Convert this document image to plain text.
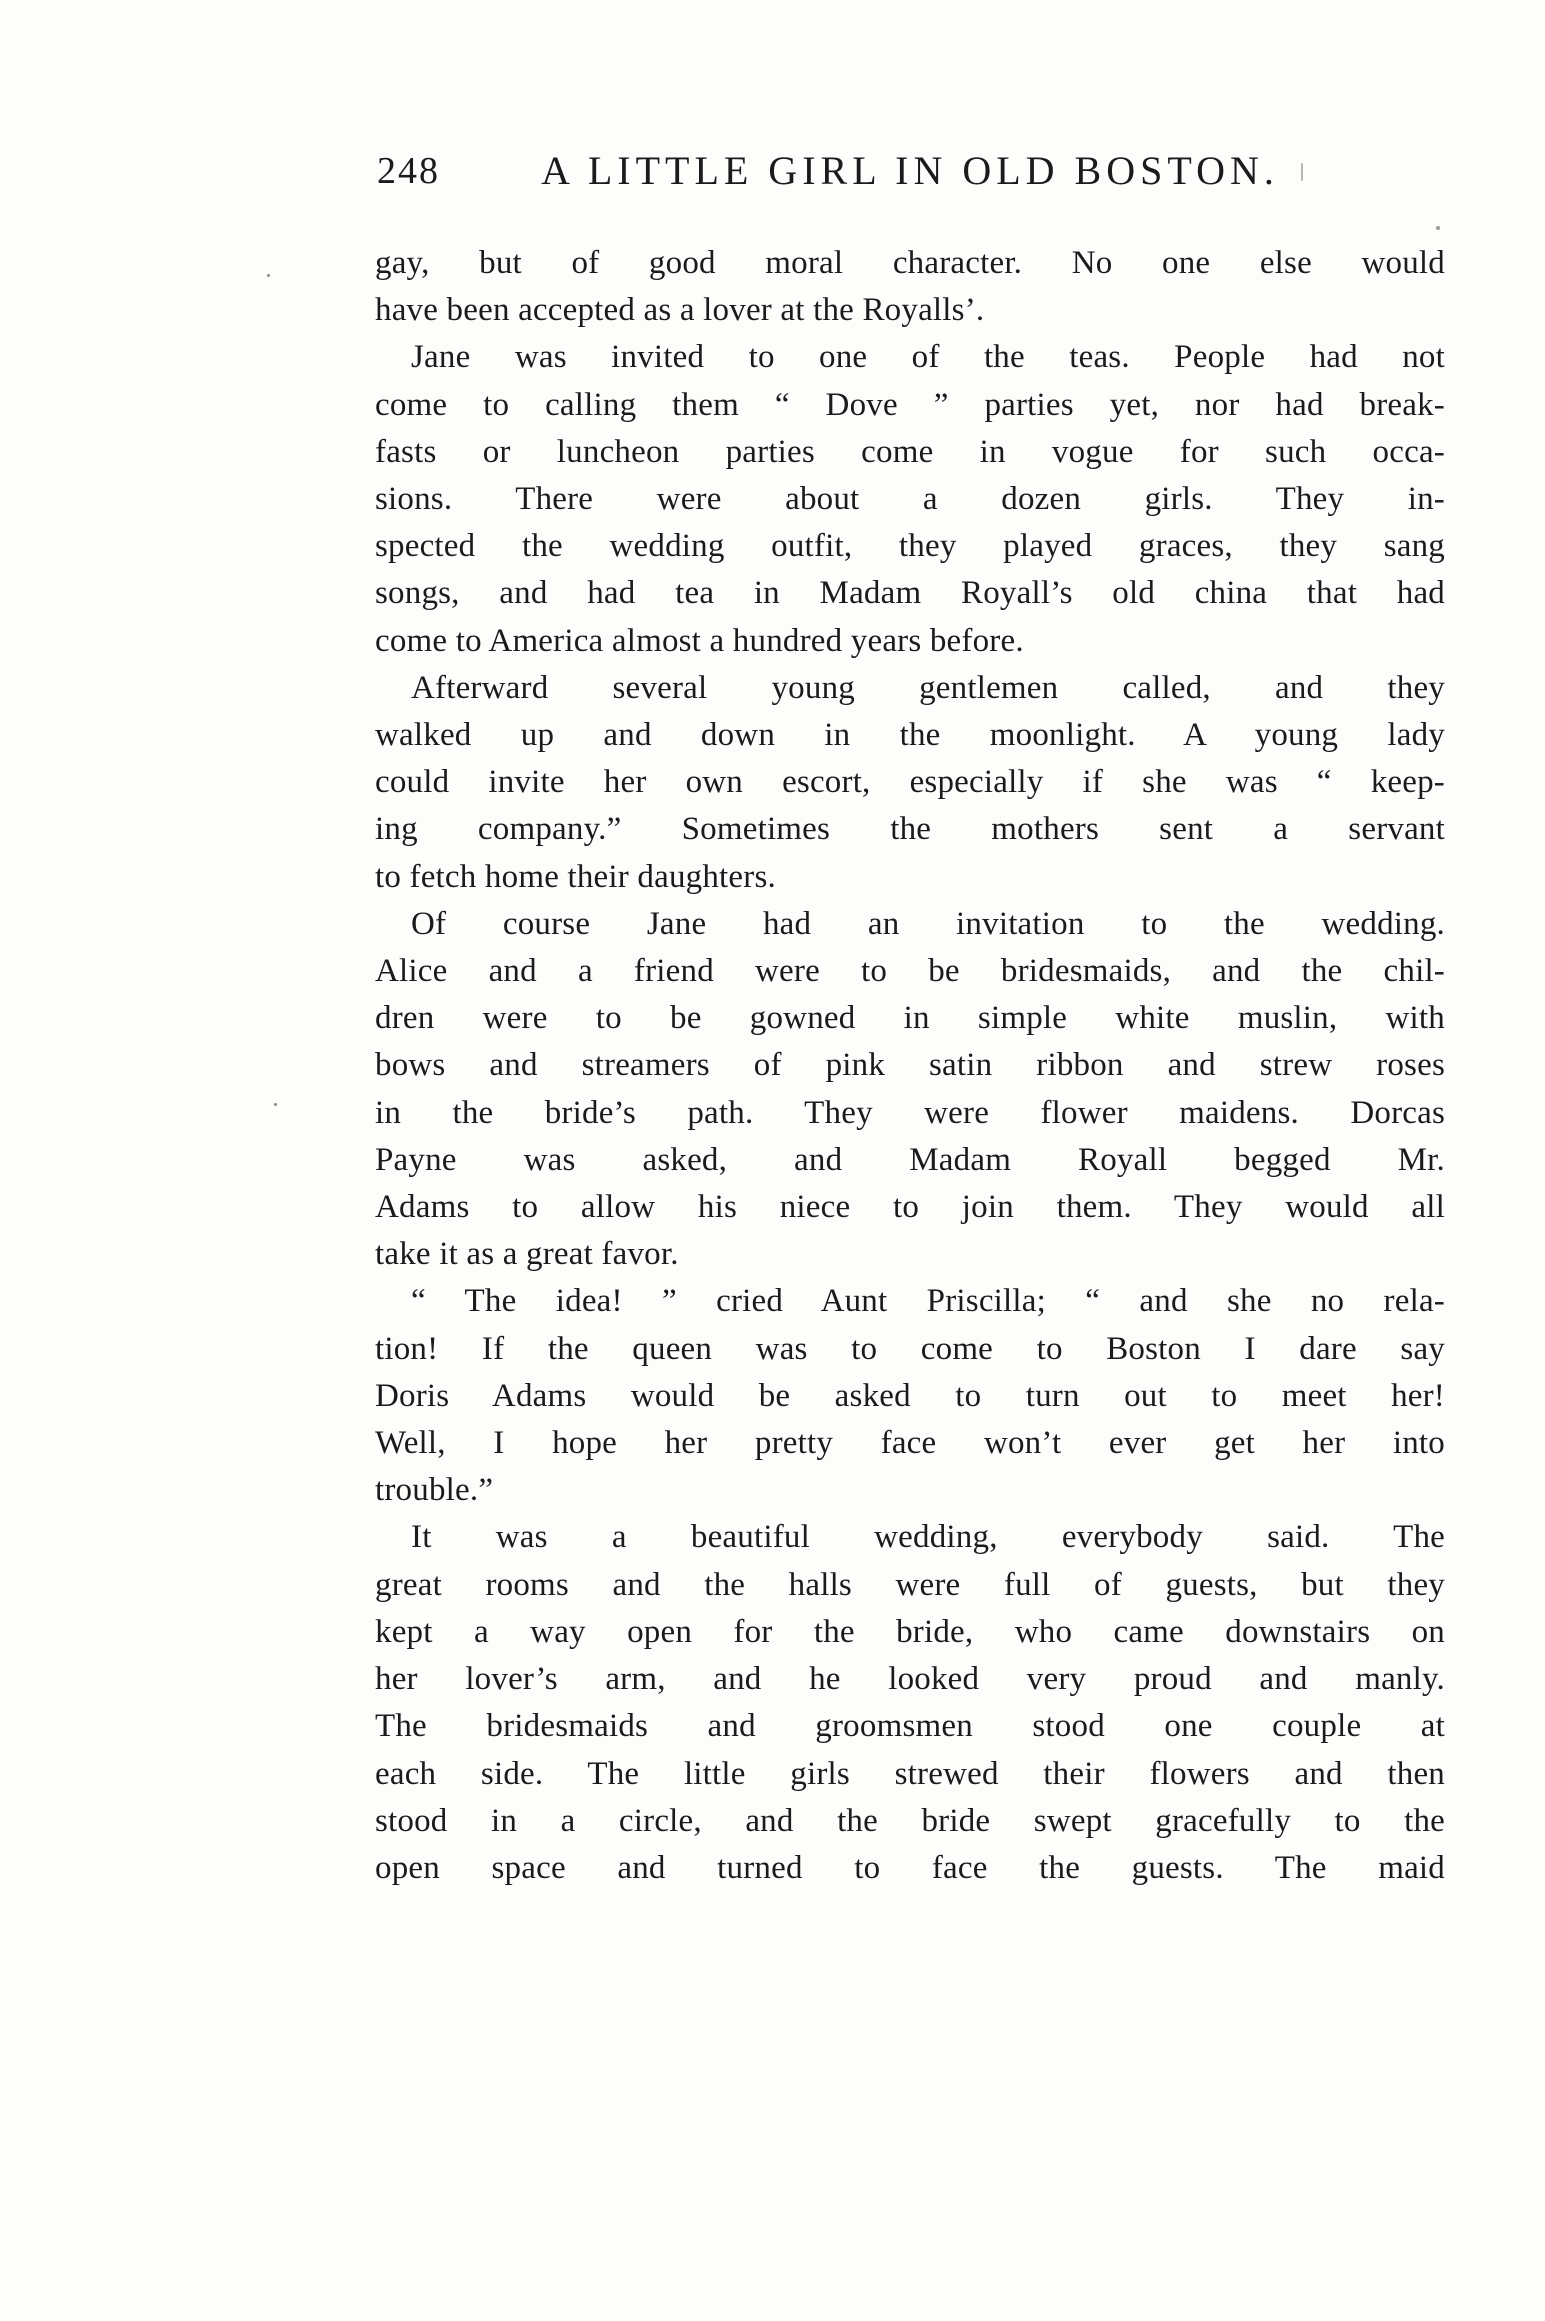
248	A LITTLE GIRL IN OLD BOSTON.
gay, but of good moral character. No one else would
have been accepted as a lover at the Royalls’.
Jane was invited to one of the teas. People had not
come to calling them “ Dove ” parties yet, nor had break-
fasts or luncheon parties come in vogue for such occa-
sions. There were about a dozen girls. They in-
spected the wedding outfit, they played graces, they sang
songs, and had tea in Madam Royall’s old china that had
come to America almost a hundred years before.
Afterward several young gentlemen called, and they
walked up and down in the moonlight. A young lady
could invite her own escort, especially if she was “ keep-
ing company.” Sometimes the mothers sent a servant
to fetch home their daughters.
Of course Jane had an invitation to the wedding.
Alice and a friend were to be bridesmaids, and the chil-
dren were to be gowned in simple white muslin, with
bows and streamers of pink satin ribbon and strew roses
in the bride’s path. They were flower maidens. Dorcas
Payne was asked, and Madam Royall begged Mr.
Adams to allow his niece to join them. They would all
take it as a great favor.
“ The idea! ” cried Aunt Priscilla; “ and she no rela-
tion! If the queen was to come to Boston I dare say
Doris Adams would be asked to turn out to meet her!
Well, I hope her pretty face won’t ever get her into
trouble.”
It was a beautiful wedding, everybody said. The
great rooms and the halls were full of guests, but they
kept a way open for the bride, who came downstairs on
her lover’s arm, and he looked very proud and manly.
The bridesmaids and groomsmen stood one couple at
each side. The little girls strewed their flowers and then
stood in a circle, and the bride swept gracefully to the
open space and turned to face the guests. The maid
